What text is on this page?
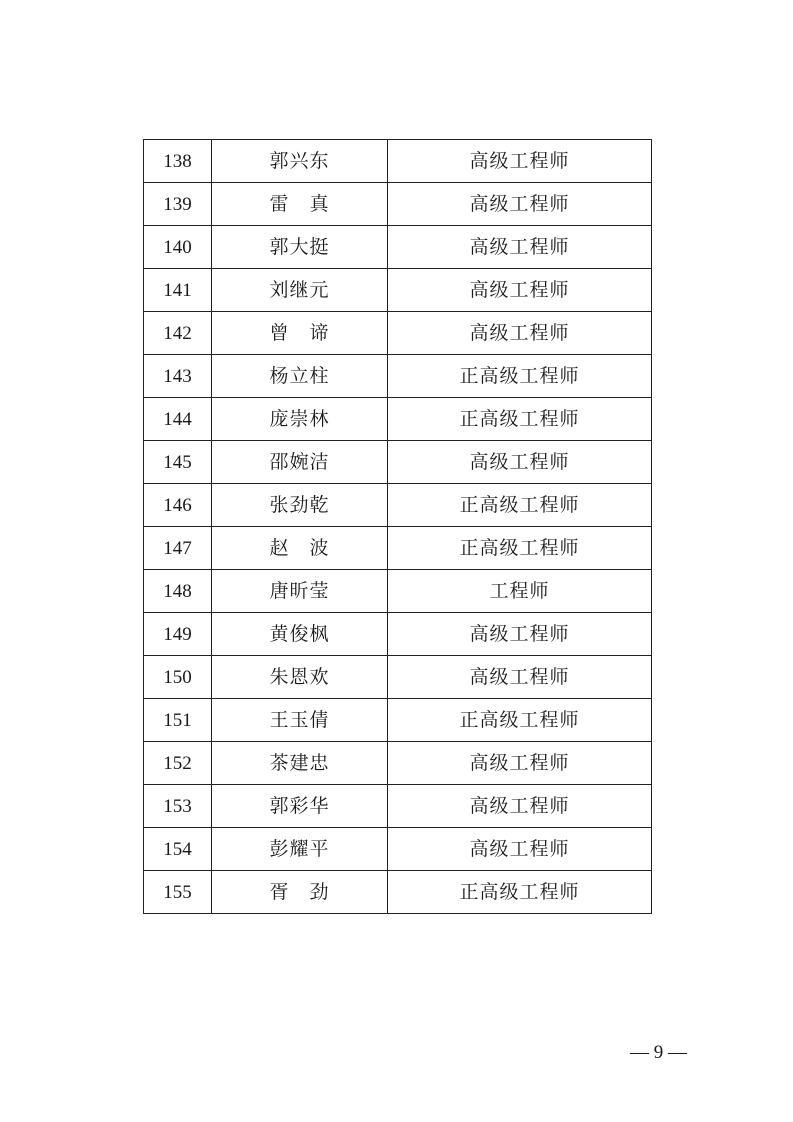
138	郭兴东	高级工程师
139	雷　真	高级工程师
140	郭大挺	高级工程师
141	刘继元	高级工程师
142	曾　谛	高级工程师
143	杨立柱	正高级工程师
144	庞崇林	正高级工程师
145	邵婉洁	高级工程师
146	张劲乾	正高级工程师
147	赵　波	正高级工程师
148	唐昕莹	工程师
149	黄俊枫	高级工程师
150	朱恩欢	高级工程师
151	王玉倩	正高级工程师
152	茶建忠	高级工程师
153	郭彩华	高级工程师
154	彭耀平	高级工程师
155	胥　劲	正高级工程师
— 9 —
